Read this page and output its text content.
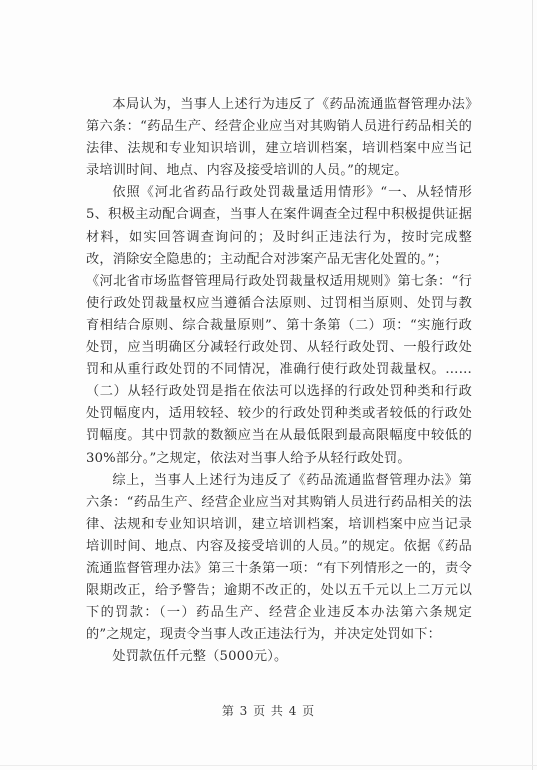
本局认为，当事人上述行为违反了《药品流通监督管理办法》第六条：“药品生产、经营企业应当对其购销人员进行药品相关的法律、法规和专业知识培训，建立培训档案，培训档案中应当记录培训时间、地点、内容及接受培训的人员。”的规定。

依照《河北省药品行政处罚裁量适用情形》“一、从轻情形5、积极主动配合调查，当事人在案件调查全过程中积极提供证据材料，如实回答调查询问的；及时纠正违法行为，按时完成整改，消除安全隐患的；主动配合对涉案产品无害化处置的。”；

《河北省市场监督管理局行政处罚裁量权适用规则》第七条：“行使行政处罚裁量权应当遵循合法原则、过罚相当原则、处罚与教育相结合原则、综合裁量原则”、第十条第（二）项：“实施行政处罚，应当明确区分减轻行政处罚、从轻行政处罚、一般行政处罚和从重行政处罚的不同情况，准确行使行政处罚裁量权。……（二）从轻行政处罚是指在依法可以选择的行政处罚种类和行政处罚幅度内，适用较轻、较少的行政处罚种类或者较低的行政处罚幅度。其中罚款的数额应当在从最低限到最高限幅度中较低的30%部分。”之规定，依法对当事人给予从轻行政处罚。

综上，当事人上述行为违反了《药品流通监督管理办法》第六条：“药品生产、经营企业应当对其购销人员进行药品相关的法律、法规和专业知识培训，建立培训档案，培训档案中应当记录培训时间、地点、内容及接受培训的人员。”的规定。依据《药品流通监督管理办法》第三十条第一项：“有下列情形之一的，责令限期改正，给予警告；逾期不改正的，处以五千元以上二万元以下的罚款：（一）药品生产、经营企业违反本办法第六条规定的”之规定，现责令当事人改正违法行为，并决定处罚如下：

处罚款伍仟元整（5000元）。

第 3 页 共 4 页
